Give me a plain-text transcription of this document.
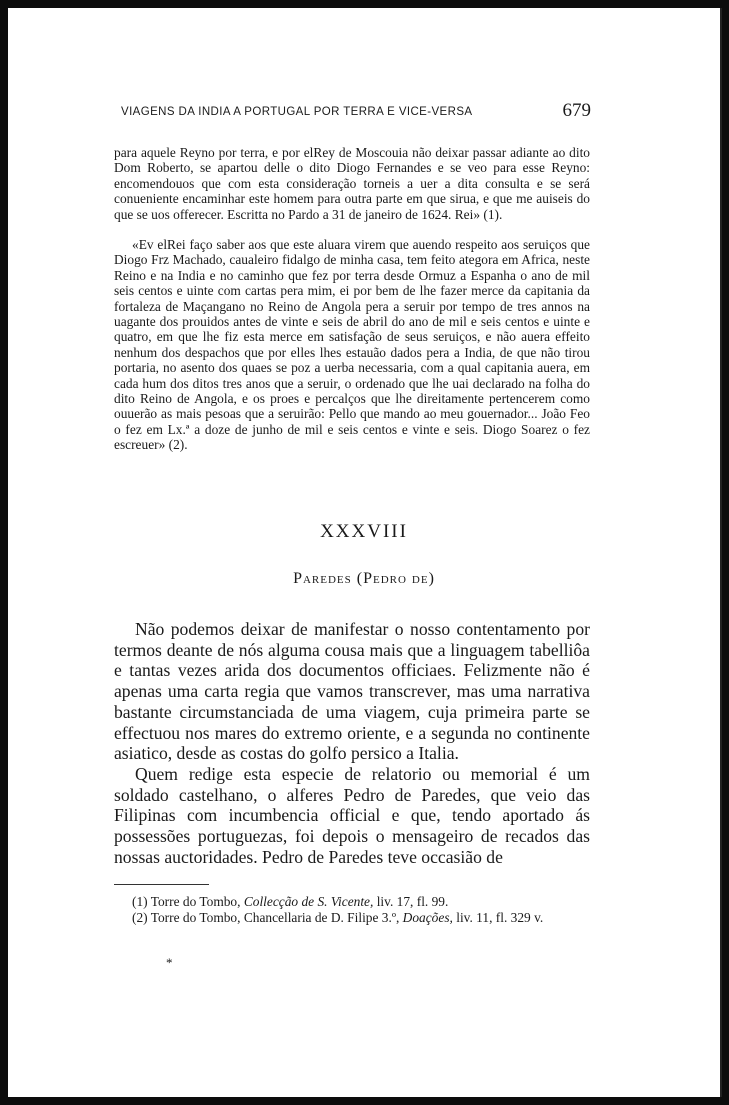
VIAGENS DA INDIA A PORTUGAL POR TERRA E VICE-VERSA	679

para aquele Reyno por terra, e por elRey de Moscouia não deixar passar adiante ao dito Dom Roberto, se apartou delle o dito Diogo Fernandes e se veo para esse Reyno: encomendouos que com esta consideração torneis a uer a dita consulta e se será conueniente encaminhar este homem para outra parte em que sirua, e que me auiseis do que se uos offerecer. Escritta no Pardo a 31 de janeiro de 1624. Rei» (1).

«Ev elRei faço saber aos que este aluara virem que auendo respeito aos seruiços que Diogo Frz Machado, caualeiro fidalgo de minha casa, tem feito ategora em Africa, neste Reino e na India e no caminho que fez por terra desde Ormuz a Espanha o ano de mil seis centos e uinte com cartas pera mim, ei por bem de lhe fazer merce da capitania da fortaleza de Maçangano no Reino de Angola pera a seruir por tempo de tres annos na uagante dos prouidos antes de vinte e seis de abril do ano de mil e seis centos e uinte e quatro, em que lhe fiz esta merce em satisfação de seus seruiços, e não auera effeito nenhum dos despachos que por elles lhes estauão dados pera a India, de que não tirou portaria, no asento dos quaes se poz a uerba necessaria, com a qual capitania auera, em cada hum dos ditos tres anos que a seruir, o ordenado que lhe uai declarado na folha do dito Reino de Angola, e os proes e percalços que lhe direitamente pertencerem como ouuerão as mais pesoas que a seruirão: Pello que mando ao meu gouernador... João Feo o fez em Lx.ª a doze de junho de mil e seis centos e vinte e seis. Diogo Soarez o fez escreuer» (2).

XXXVIII
Paredes (Pedro de)

Não podemos deixar de manifestar o nosso contentamento por termos deante de nós alguma cousa mais que a linguagem tabelliôa e tantas vezes arida dos documentos officiaes. Felizmente não é apenas uma carta regia que vamos transcrever, mas uma narrativa bastante circumstanciada de uma viagem, cuja primeira parte se effectuou nos mares do extremo oriente, e a segunda no continente asiatico, desde as costas do golfo persico a Italia.

Quem redige esta especie de relatorio ou memorial é um soldado castelhano, o alferes Pedro de Paredes, que veio das Filipinas com incumbencia official e que, tendo aportado ás possessões portuguezas, foi depois o mensageiro de recados das nossas auctoridades. Pedro de Paredes teve occasião de

(1) Torre do Tombo, Collecção de S. Vicente, liv. 17, fl. 99.

(2) Torre do Tombo, Chancellaria de D. Filipe 3.º, Doações, liv. 11, fl. 329 v.

*
